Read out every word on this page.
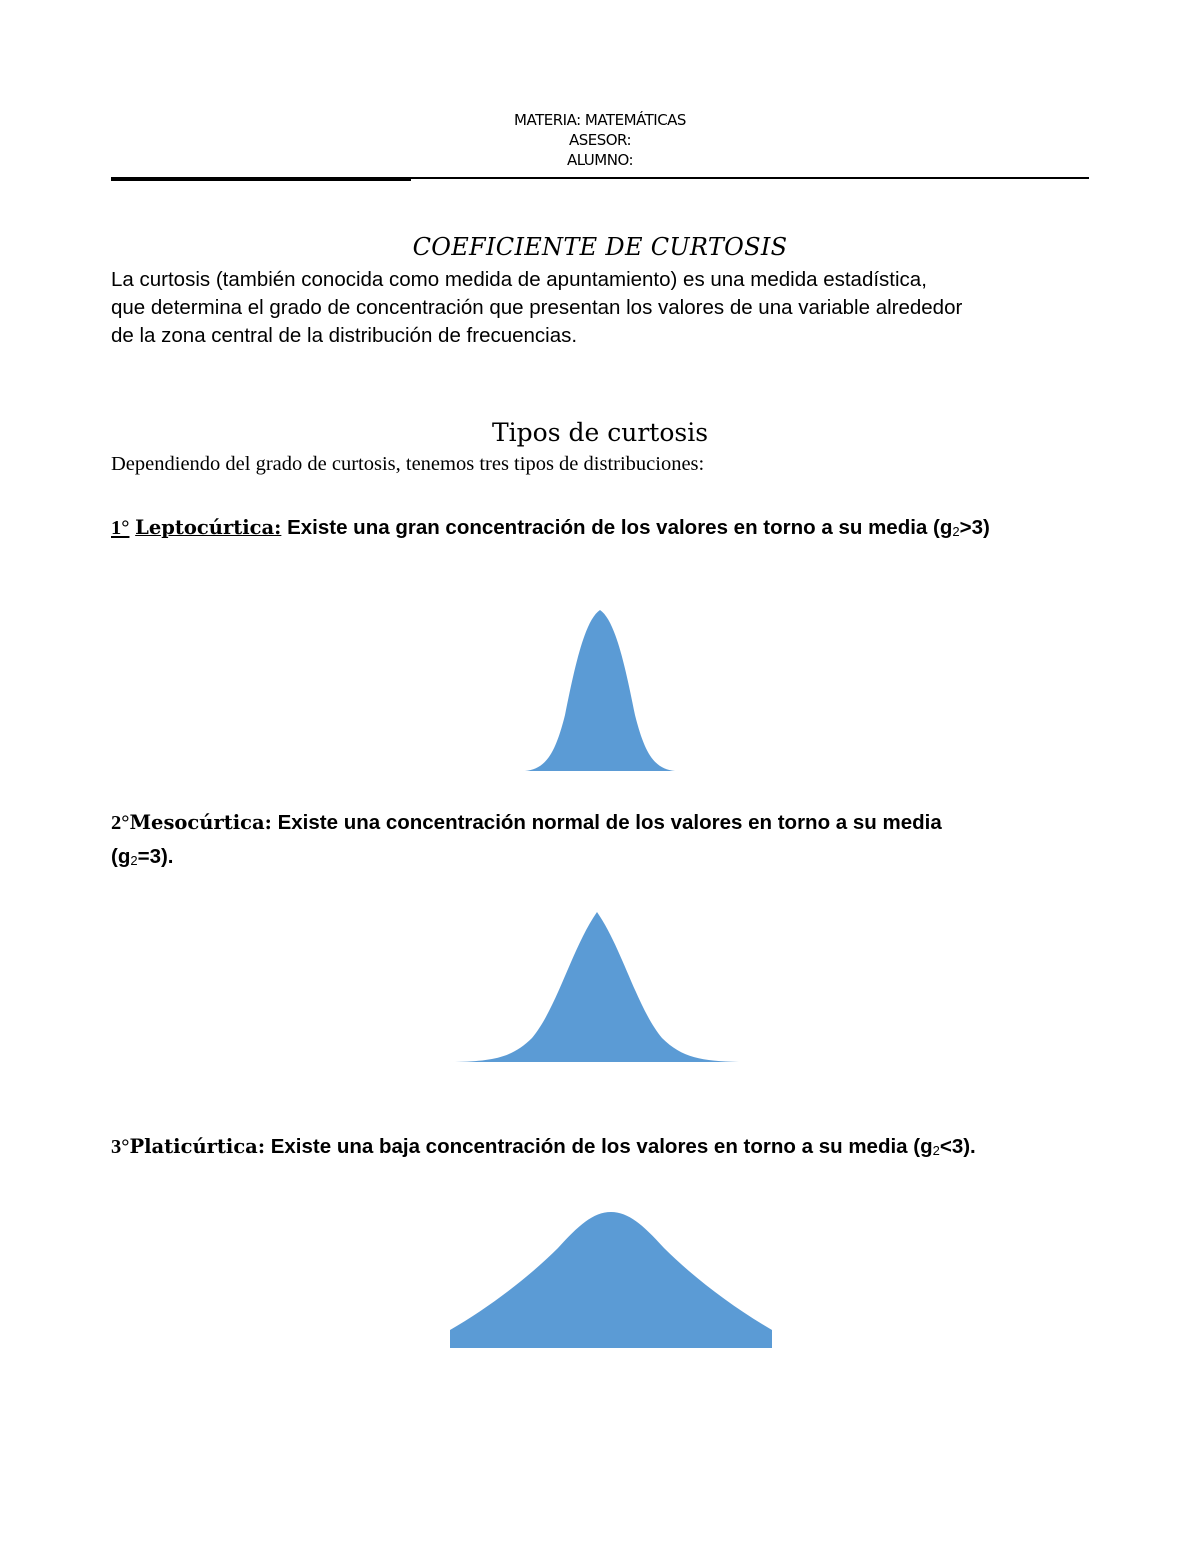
MATERIA: MATEMÁTICAS
ASESOR:
ALUMNO:
COEFICIENTE DE CURTOSIS
La curtosis (también conocida como medida de apuntamiento) es una medida estadística,
que determina el grado de concentración que presentan los valores de una variable alrededor
de la zona central de la distribución de frecuencias.
Tipos de curtosis
Dependiendo del grado de curtosis, tenemos tres tipos de distribuciones:
1° Leptocúrtica: Existe una gran concentración de los valores en torno a su media $(g_2>3)$
2°Mesocúrtica: Existe una concentración normal de los valores en torno a su media
$(g_2=3)$.
3°Platicúrtica: Existe una baja concentración de los valores en torno a su media $(g_2<3)$.
